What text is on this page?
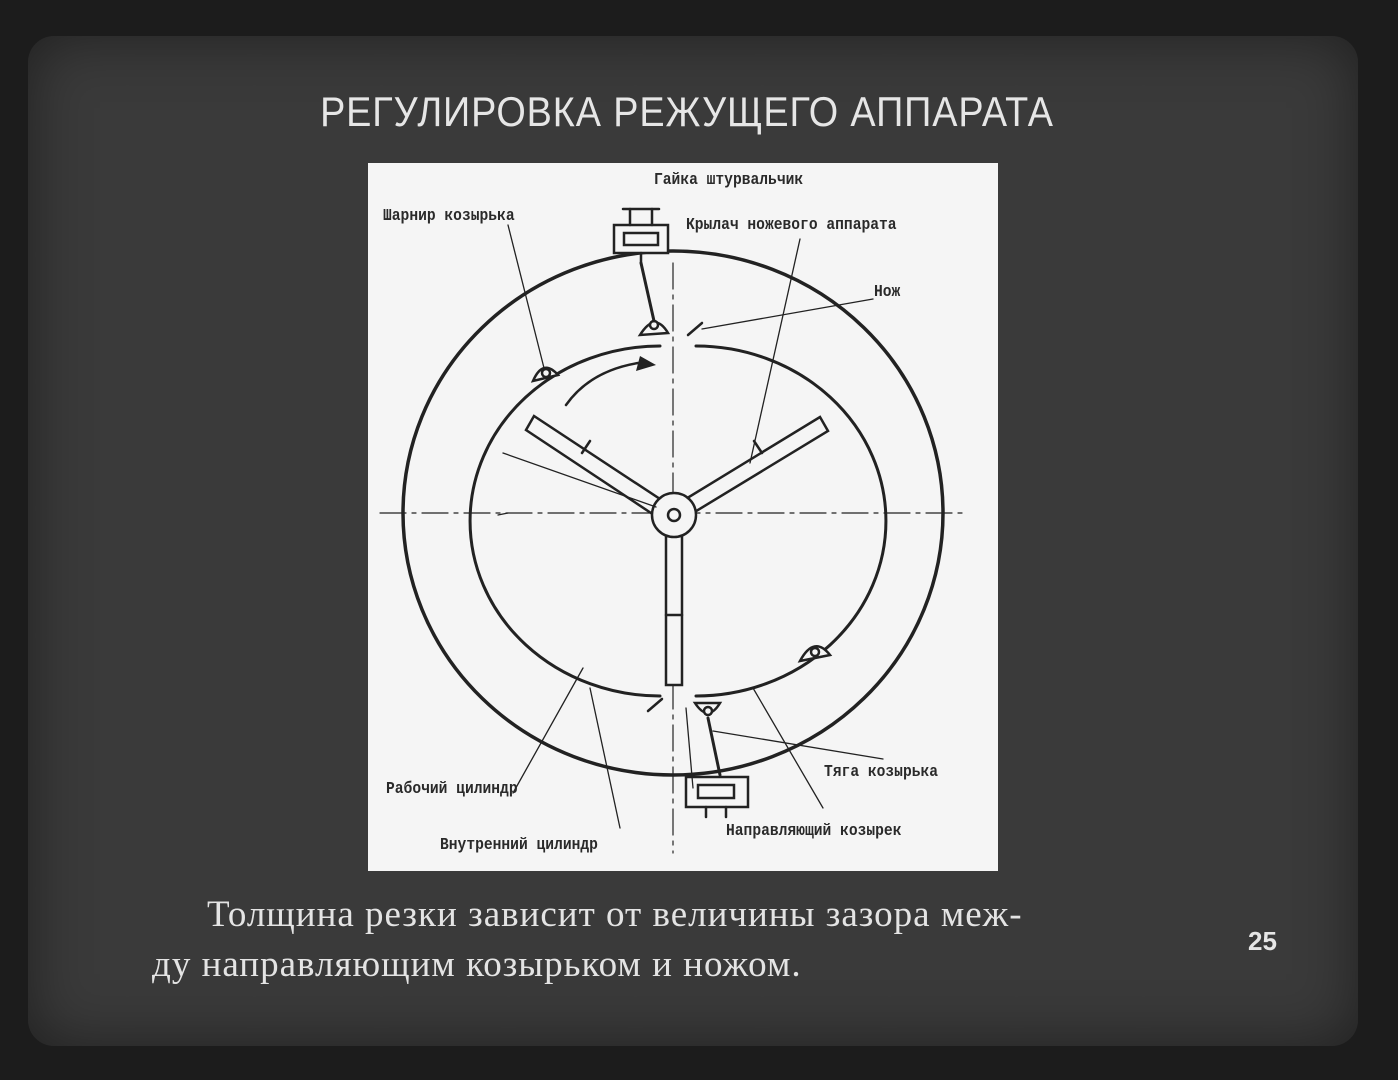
РЕГУЛИРОВКА РЕЖУЩЕГО АППАРАТА
Гайка штурвальчик
Шарнир козырька	Крылач ножевого аппарата
Нож
Тяга козырька
Рабочий цилиндр
Направляющий козырек
Внутренний цилиндр
Толщина резки зависит от величины зазора меж-
ду направляющим козырьком и ножом.
25
